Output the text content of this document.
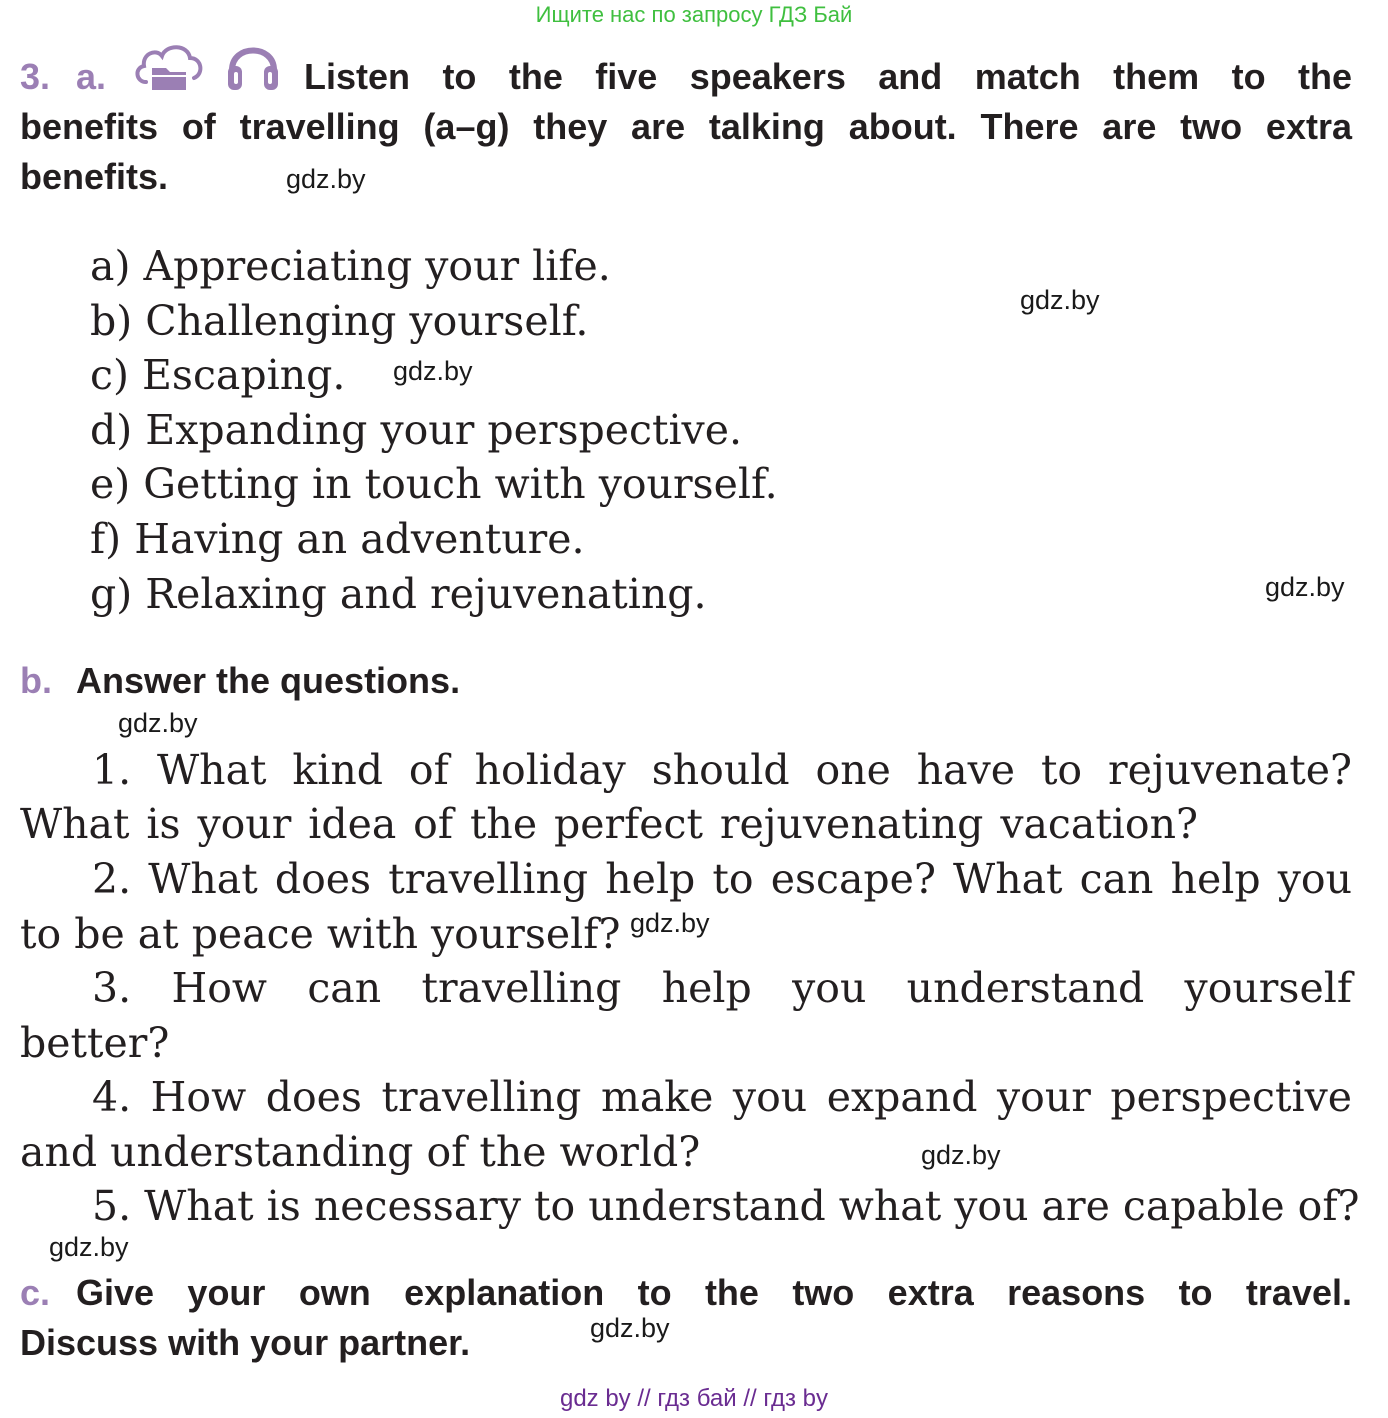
Ищите нас по запросу ГДЗ Бай
3. a.	Listen to the five speakers and match them to the
benefits of travelling (a–g) they are talking about. There are two extra
benefits.
a) Appreciating your life.
b) Challenging yourself.
c) Escaping.
d) Expanding your perspective.
e) Getting in touch with yourself.
f) Having an adventure.
g) Relaxing and rejuvenating.
b. Answer the questions.
1. What kind of holiday should one have to rejuvenate?
What is your idea of the perfect rejuvenating vacation?
2. What does travelling help to escape? What can help you
to be at peace with yourself?
3. How can travelling help you understand yourself
better?
4. How does travelling make you expand your perspective
and understanding of the world?
5. What is necessary to understand what you are capable of?
c. Give your own explanation to the two extra reasons to travel.
Discuss with your partner.
gdz.by
gdz.by
gdz.by
gdz.by
gdz.by
gdz.by
gdz.by
gdz.by
gdz.by
gdz by // гдз бай // гдз by
